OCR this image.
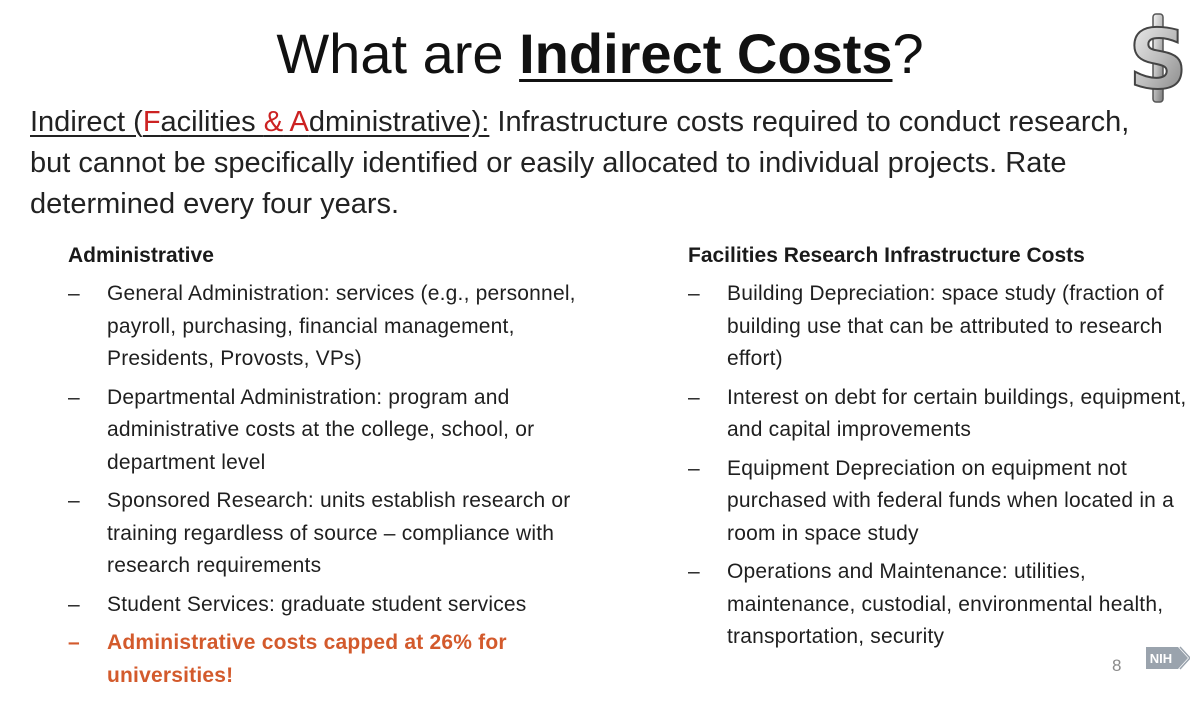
What are Indirect Costs?	S
Indirect (Facilities & Administrative): Infrastructure costs required to conduct research, but cannot be specifically identified or easily allocated to individual projects. Rate determined every four years.
Administrative
– General Administration: services (e.g., personnel, payroll, purchasing, financial management, Presidents, Provosts, VPs)
– Departmental Administration: program and administrative costs at the college, school, or department level
– Sponsored Research: units establish research or training regardless of source – compliance with research requirements
– Student Services: graduate student services
– Administrative costs capped at 26% for universities!
Facilities Research Infrastructure Costs
– Building Depreciation: space study (fraction of building use that can be attributed to research effort)
– Interest on debt for certain buildings, equipment, and capital improvements
– Equipment Depreciation on equipment not purchased with federal funds when located in a room in space study
– Operations and Maintenance: utilities, maintenance, custodial, environmental health, transportation, security
8 NIH
